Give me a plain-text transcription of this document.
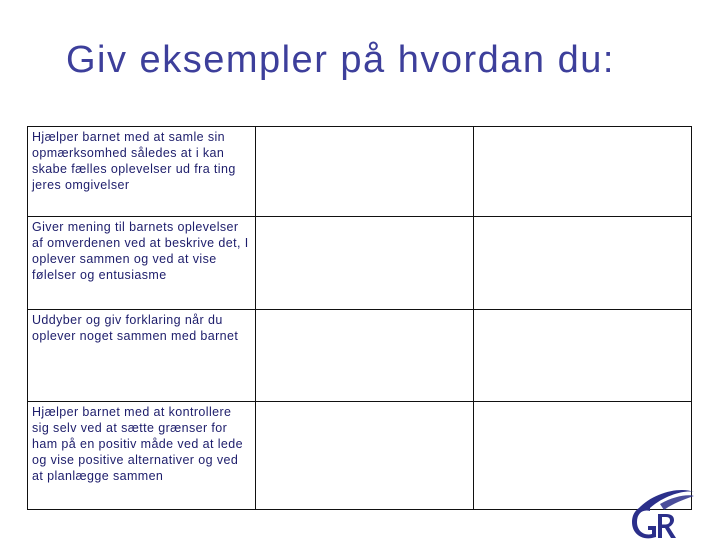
Giv eksempler på hvordan du:
Hjælper barnet med at samle sin opmærksomhed således at i kan skabe fælles oplevelser ud fra ting jeres omgivelser		

Giver mening til barnets oplevelser af omverdenen ved at beskrive det, I oplever sammen og ved at vise følelser og entusiasme		

Uddyber og giv forklaring når du oplever noget sammen med barnet		

Hjælper barnet med at kontrollere sig selv ved at sætte grænser for ham på en positiv måde ved at lede og vise positive alternativer og ved at planlægge sammen		
